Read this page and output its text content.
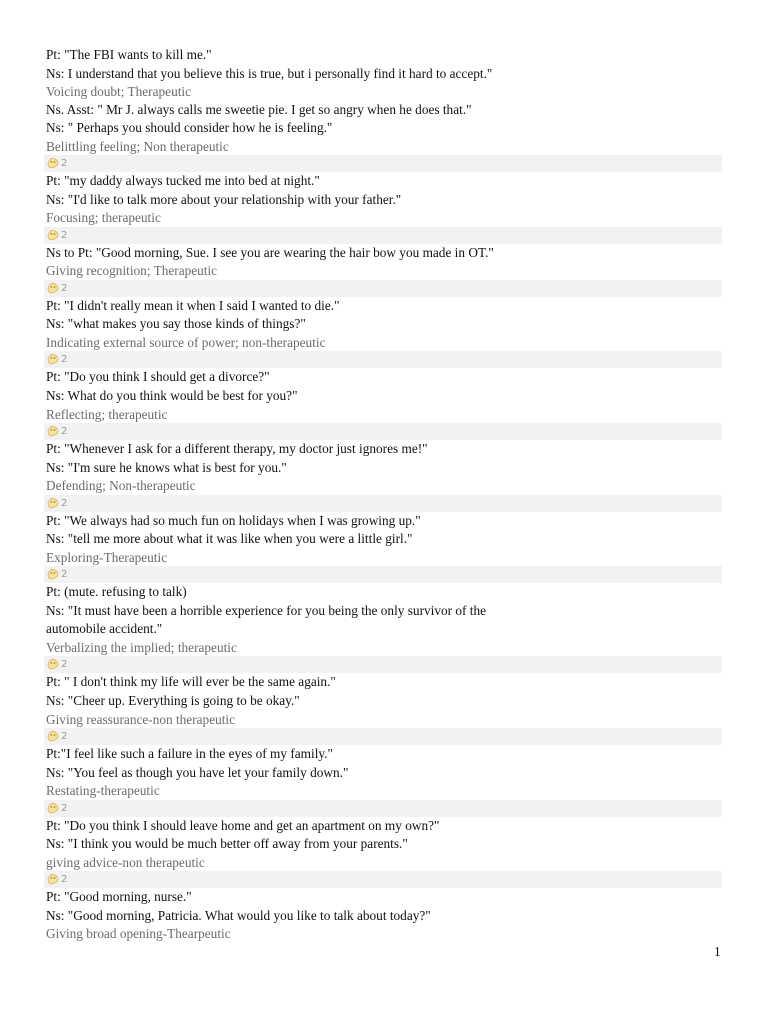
Pt: "The FBI wants to kill me."
Ns: I understand that you believe this is true, but i personally find it hard to accept."
Voicing doubt; Therapeutic
Ns. Asst: " Mr J. always calls me sweetie pie. I get so angry when he does that."
Ns: " Perhaps you should consider how he is feeling."
Belittling feeling; Non therapeutic
2
Pt: "my daddy always tucked me into bed at night."
Ns: "I'd like to talk more about your relationship with your father."
Focusing; therapeutic
2
Ns to Pt: "Good morning, Sue. I see you are wearing the hair bow you made in OT."
Giving recognition; Therapeutic
2
Pt: "I didn't really mean it when I said I wanted to die."
Ns: "what makes you say those kinds of things?"
Indicating external source of power; non-therapeutic
2
Pt: "Do you think I should get a divorce?"
Ns: What do you think would be best for you?"
Reflecting; therapeutic
2
Pt: "Whenever I ask for a different therapy, my doctor just ignores me!"
Ns: "I'm sure he knows what is best for you."
Defending; Non-therapeutic
2
Pt: "We always had so much fun on holidays when I was growing up."
Ns: "tell me more about what it was like when you were a little girl."
Exploring-Therapeutic
2
Pt: (mute. refusing to talk)
Ns: "It must have been a horrible experience for you being the only survivor of the
automobile accident."
Verbalizing the implied; therapeutic
2
Pt: " I don't think my life will ever be the same again."
Ns: "Cheer up. Everything is going to be okay."
Giving reassurance-non therapeutic
2
Pt:"I feel like such a failure in the eyes of my family."
Ns: "You feel as though you have let your family down."
Restating-therapeutic
2
Pt: "Do you think I should leave home and get an apartment on my own?"
Ns: "I think you would be much better off away from your parents."
giving advice-non therapeutic
2
Pt: "Good morning, nurse."
Ns: "Good morning, Patricia. What would you like to talk about today?"
Giving broad opening-Thearpeutic
1
